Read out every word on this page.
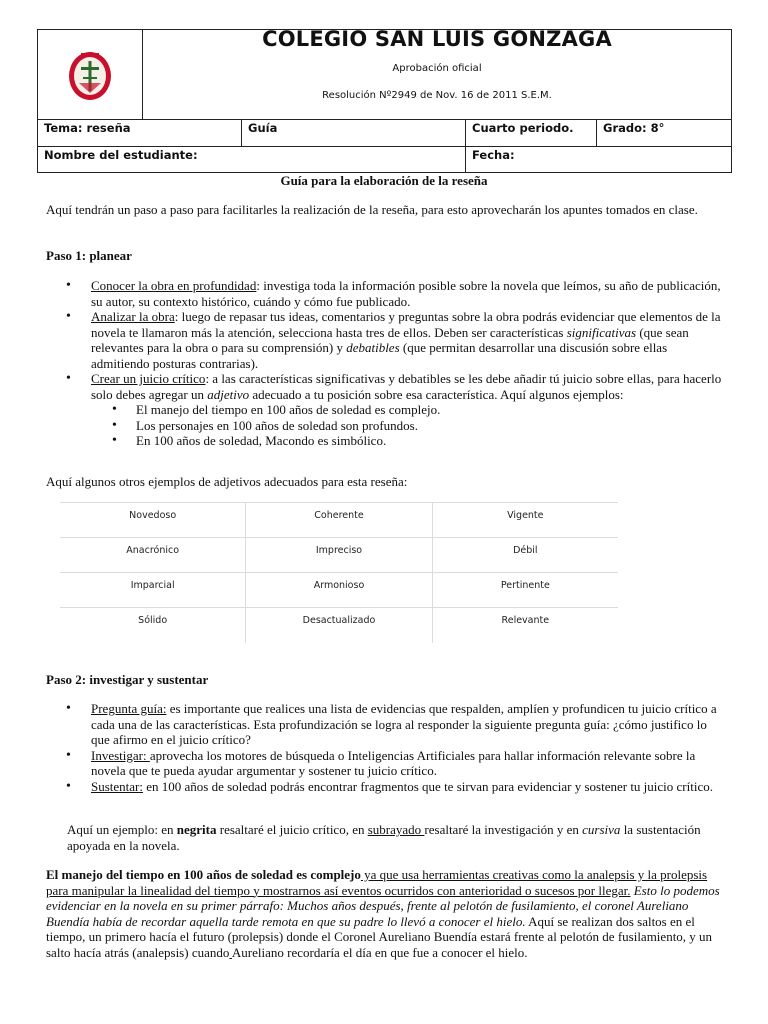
COLEGIO SAN LUIS GONZAGA
Aprobación oficial
Resolución Nº2949 de Nov. 16 de 2011 S.E.M.
Tema: reseña	Guía	Cuarto periodo.	Grado: 8°
Nombre del estudiante:	Fecha:
Guía para la elaboración de la reseña
Aquí tendrán un paso a paso para facilitarles la realización de la reseña, para esto aprovecharán los apuntes tomados en clase.
Paso 1: planear
• Conocer la obra en profundidad: investiga toda la información posible sobre la novela que leímos, su año de publicación, su autor, su contexto histórico, cuándo y cómo fue publicado.
• Analizar la obra: luego de repasar tus ideas, comentarios y preguntas sobre la obra podrás evidenciar que elementos de la novela te llamaron más la atención, selecciona hasta tres de ellos. Deben ser características significativas (que sean relevantes para la obra o para su comprensión) y debatibles (que permitan desarrollar una discusión sobre ellas admitiendo posturas contrarias).
• Crear un juicio crítico: a las características significativas y debatibles se les debe añadir tú juicio sobre ellas, para hacerlo solo debes agregar un adjetivo adecuado a tu posición sobre esa característica. Aquí algunos ejemplos:
• El manejo del tiempo en 100 años de soledad es complejo.
• Los personajes en 100 años de soledad son profundos.
• En 100 años de soledad, Macondo es simbólico.
Aquí algunos otros ejemplos de adjetivos adecuados para esta reseña:
Novedoso	Coherente	Vigente
Anacrónico	Impreciso	Débil
Imparcial	Armonioso	Pertinente
Sólido	Desactualizado	Relevante
Paso 2: investigar y sustentar
• Pregunta guía: es importante que realices una lista de evidencias que respalden, amplíen y profundicen tu juicio crítico a cada una de las características. Esta profundización se logra al responder la siguiente pregunta guía: ¿cómo justifico lo que afirmo en el juicio crítico?
• Investigar: aprovecha los motores de búsqueda o Inteligencias Artificiales para hallar información relevante sobre la novela que te pueda ayudar argumentar y sostener tu juicio crítico.
• Sustentar: en 100 años de soledad podrás encontrar fragmentos que te sirvan para evidenciar y sostener tu juicio crítico.
Aquí un ejemplo: en negrita resaltaré el juicio crítico, en subrayado resaltaré la investigación y en cursiva la sustentación apoyada en la novela.
El manejo del tiempo en 100 años de soledad es complejo ya que usa herramientas creativas como la analepsis y la prolepsis para manipular la linealidad del tiempo y mostrarnos así eventos ocurridos con anterioridad o sucesos por llegar. Esto lo podemos evidenciar en la novela en su primer párrafo: Muchos años después, frente al pelotón de fusilamiento, el coronel Aureliano Buendía había de recordar aquella tarde remota en que su padre lo llevó a conocer el hielo. Aquí se realizan dos saltos en el tiempo, un primero hacía el futuro (prolepsis) donde el Coronel Aureliano Buendía estará frente al pelotón de fusilamiento, y un salto hacía atrás (analepsis) cuando Aureliano recordaría el día en que fue a conocer el hielo.
